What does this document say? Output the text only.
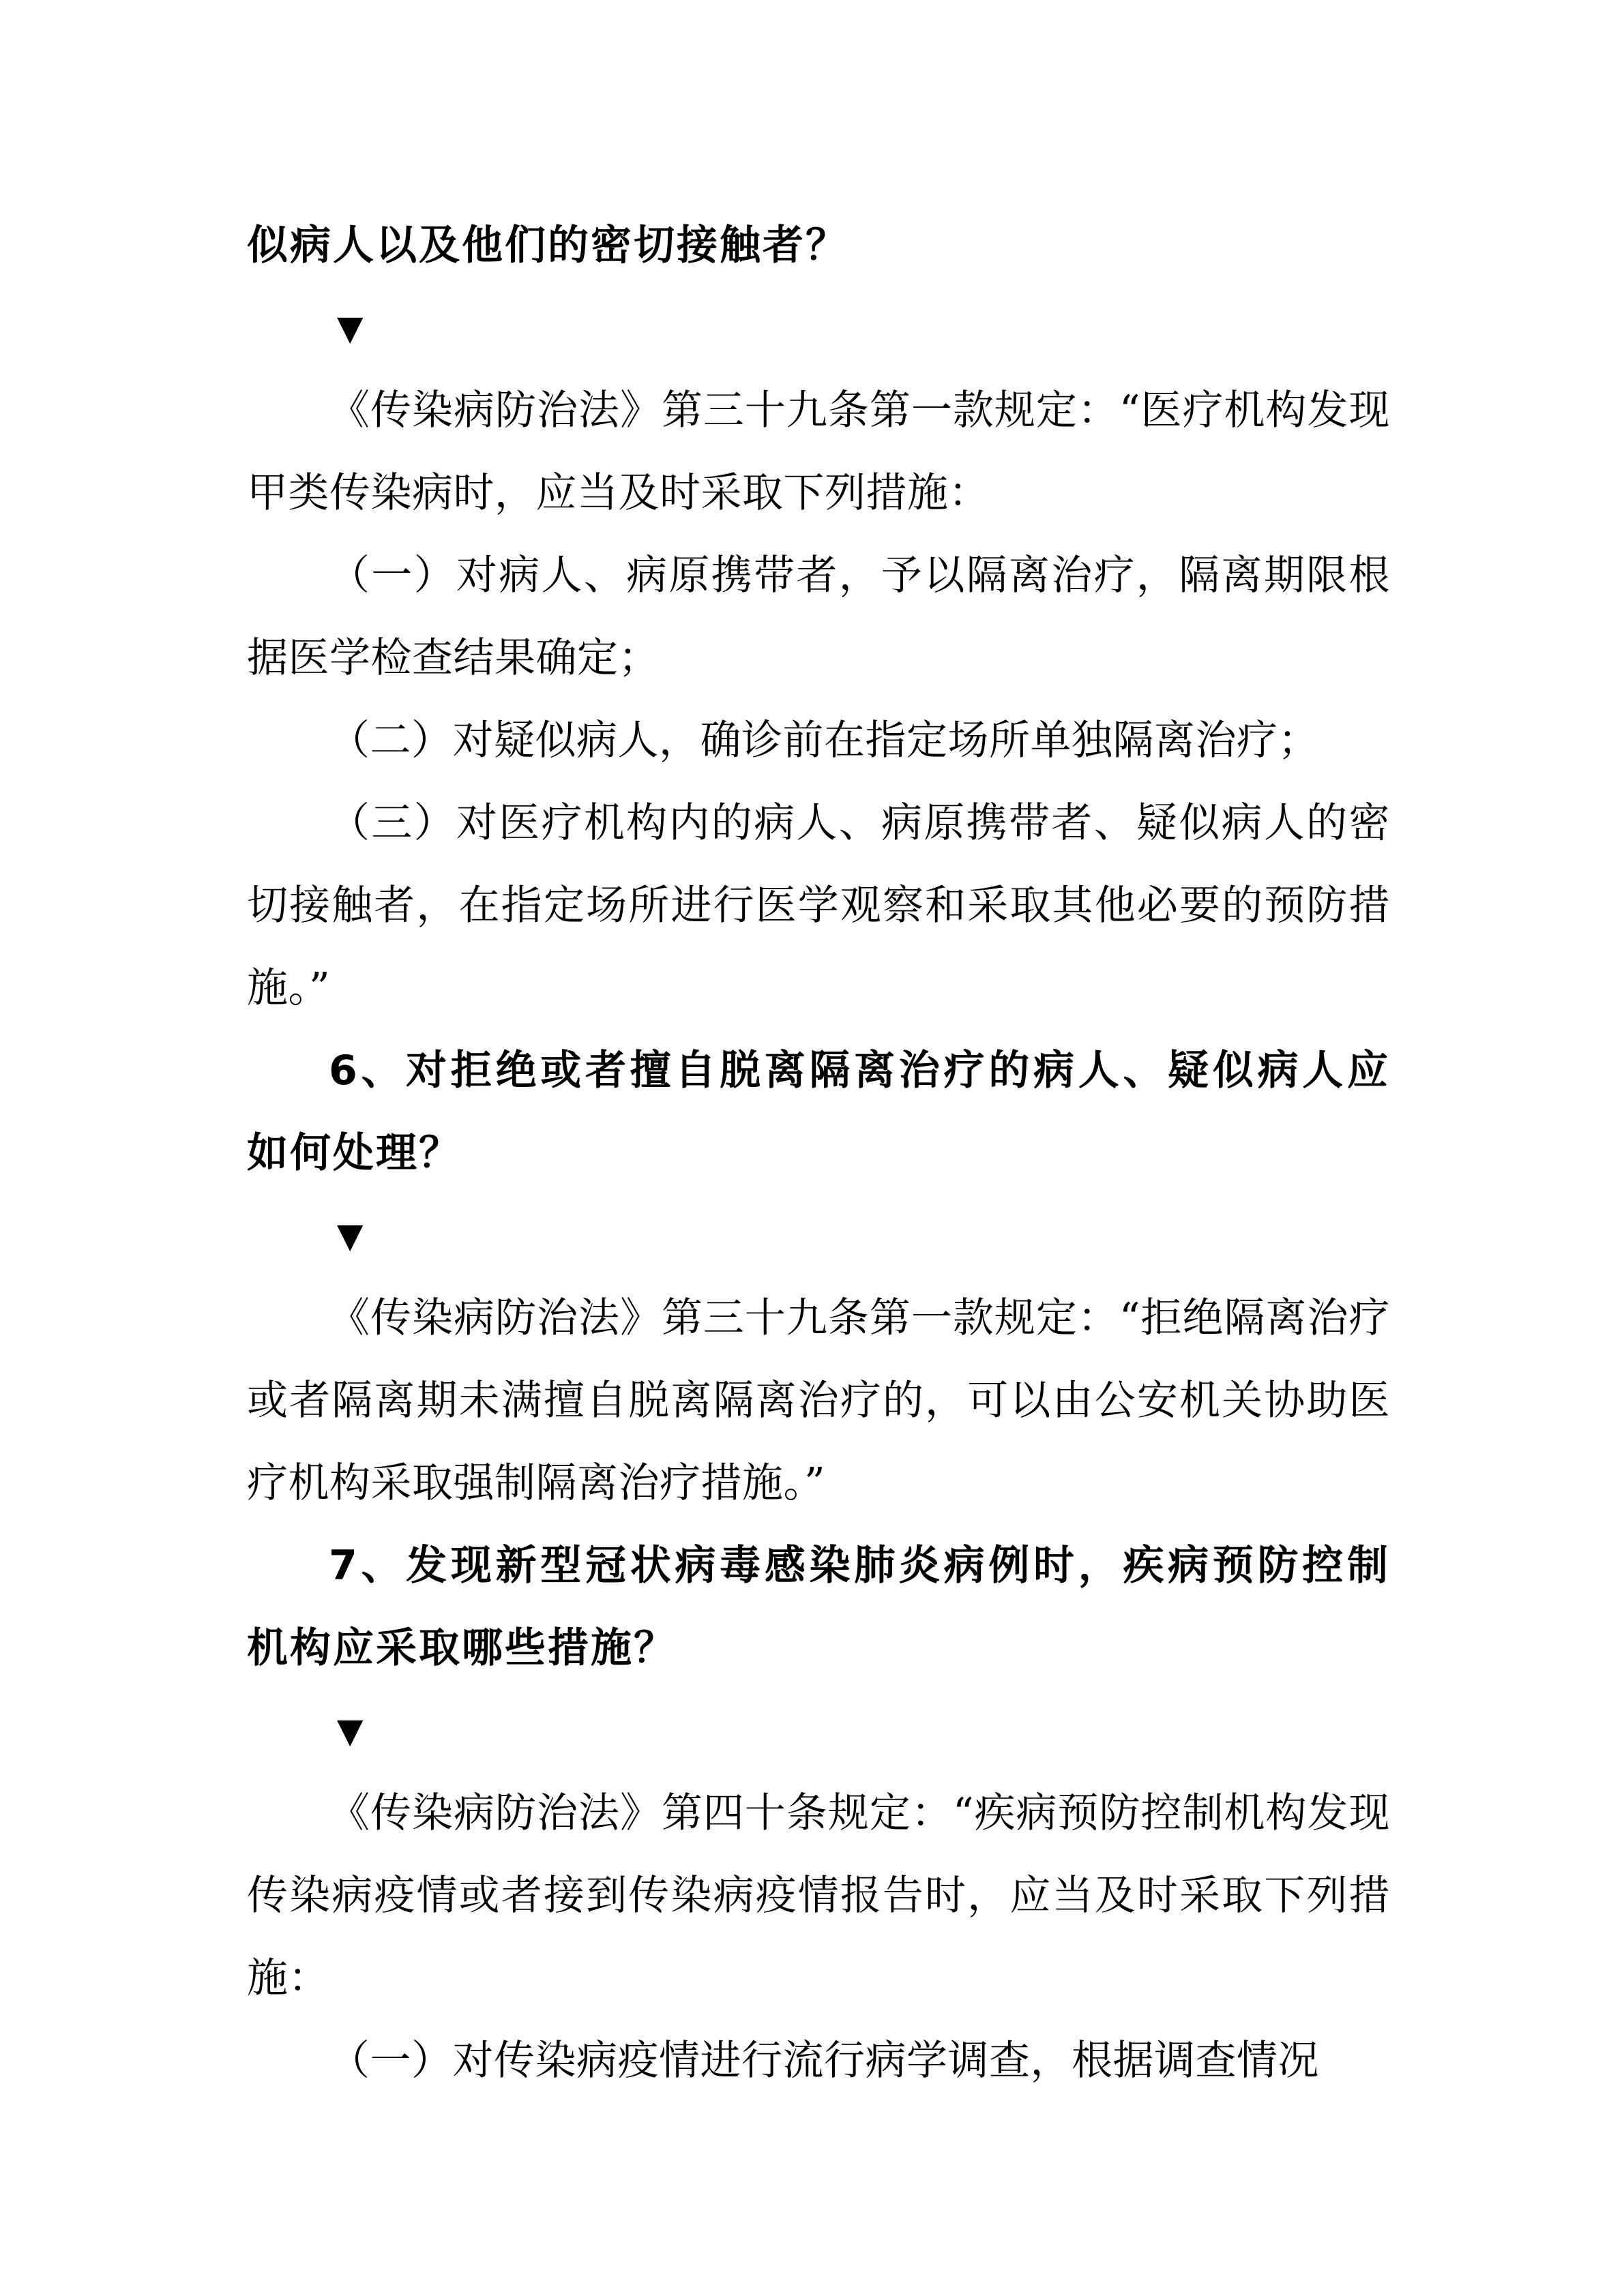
似病人以及他们的密切接触者？

▼

《传染病防治法》第三十九条第一款规定：“医疗机构发现甲类传染病时，应当及时采取下列措施：

（一）对病人、病原携带者，予以隔离治疗，隔离期限根据医学检查结果确定；

（二）对疑似病人，确诊前在指定场所单独隔离治疗；

（三）对医疗机构内的病人、病原携带者、疑似病人的密切接触者，在指定场所进行医学观察和采取其他必要的预防措施。”

6、对拒绝或者擅自脱离隔离治疗的病人、疑似病人应如何处理？

▼

《传染病防治法》第三十九条第一款规定：“拒绝隔离治疗或者隔离期未满擅自脱离隔离治疗的，可以由公安机关协助医疗机构采取强制隔离治疗措施。”

7、发现新型冠状病毒感染肺炎病例时，疾病预防控制机构应采取哪些措施？

▼

《传染病防治法》第四十条规定：“疾病预防控制机构发现传染病疫情或者接到传染病疫情报告时，应当及时采取下列措施：

（一）对传染病疫情进行流行病学调查，根据调查情况
